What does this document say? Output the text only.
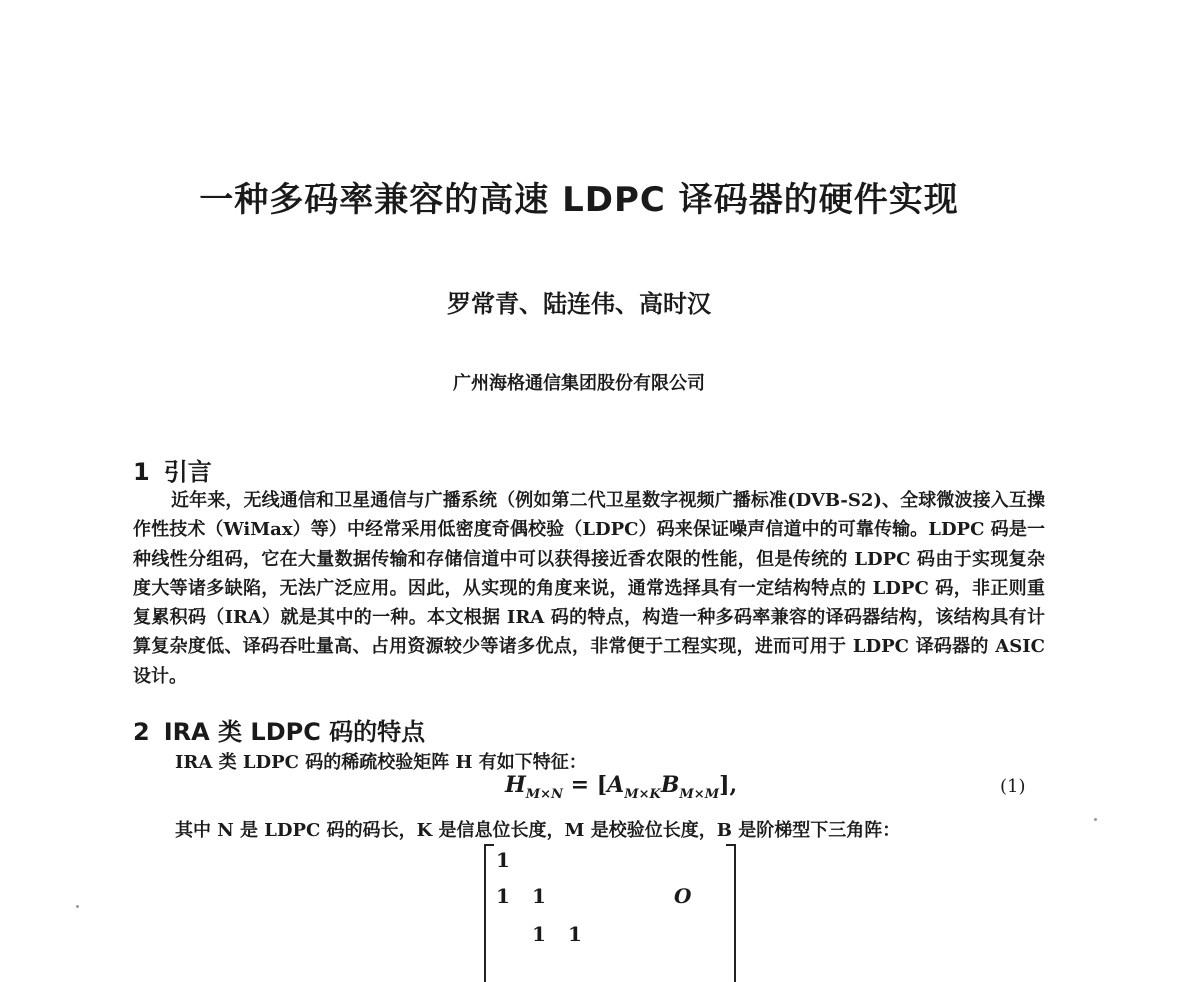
一种多码率兼容的高速 LDPC 译码器的硬件实现
罗常青、陆连伟、高时汉
广州海格通信集团股份有限公司
1 引言

近年来，无线通信和卫星通信与广播系统（例如第二代卫星数字视频广播标准(DVB-S2)、全球微波接入互操作性技术（WiMax）等）中经常采用低密度奇偶校验（LDPC）码来保证噪声信道中的可靠传输。LDPC 码是一种线性分组码，它在大量数据传输和存储信道中可以获得接近香农限的性能，但是传统的 LDPC 码由于实现复杂度大等诸多缺陷，无法广泛应用。因此，从实现的角度来说，通常选择具有一定结构特点的 LDPC 码，非正则重复累积码（IRA）就是其中的一种。本文根据 IRA 码的特点，构造一种多码率兼容的译码器结构，该结构具有计算复杂度低、译码吞吐量高、占用资源较少等诸多优点，非常便于工程实现，进而可用于 LDPC 译码器的 ASIC 设计。

2 IRA 类 LDPC 码的特点
IRA 类 LDPC 码的稀疏校验矩阵 H 有如下特征：
$H_{M\times N} = [A_{M\times K}B_{M\times M}]$,	(1)
其中 N 是 LDPC 码的码长，K 是信息位长度，M 是校验位长度，B 是阶梯型下三角阵：
1
1 1	O
1 1
